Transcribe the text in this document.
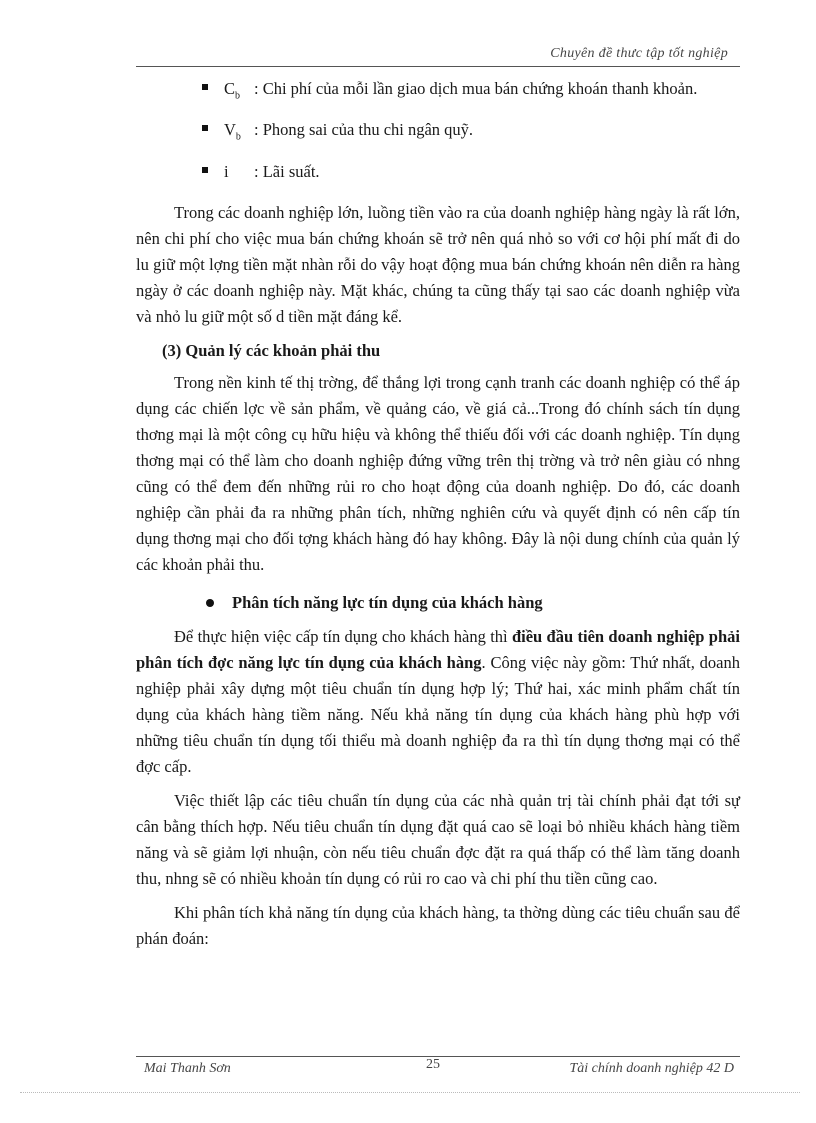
Chuyên đề thưc tập tốt nghiệp
$C_b$ : Chi phí của mỗi lần giao dịch mua bán chứng khoán thanh khoản.
$V_b$ : Phong sai của thu chi ngân quỹ.
i : Lãi suất.

Trong các doanh nghiệp lớn, luồng tiền vào ra của doanh nghiệp hàng ngày là rất lớn, nên chi phí cho việc mua bán chứng khoán sẽ trở nên quá nhỏ so với cơ hội phí mất đi do lu giữ một lợng tiền mặt nhàn rỗi do vậy hoạt động mua bán chứng khoán nên diễn ra hàng ngày ở các doanh nghiệp này. Mặt khác, chúng ta cũng thấy tại sao các doanh nghiệp vừa và nhỏ lu giữ một số d tiền mặt đáng kể.

(3) Quản lý các khoản phải thu

Trong nền kinh tế thị trờng, để thắng lợi trong cạnh tranh các doanh nghiệp có thể áp dụng các chiến lợc về sản phẩm, về quảng cáo, về giá cả...Trong đó chính sách tín dụng thơng mại là một công cụ hữu hiệu và không thể thiếu đối với các doanh nghiệp. Tín dụng thơng mại có thể làm cho doanh nghiệp đứng vững trên thị trờng và trở nên giàu có nhng cũng có thể đem đến những rủi ro cho hoạt động của doanh nghiệp. Do đó, các doanh nghiệp cần phải đa ra những phân tích, những nghiên cứu và quyết định có nên cấp tín dụng thơng mại cho đối tợng khách hàng đó hay không. Đây là nội dung chính của quản lý các khoản phải thu.

Phân tích năng lực tín dụng của khách hàng

Để thực hiện việc cấp tín dụng cho khách hàng thì điều đầu tiên doanh nghiệp phải phân tích đợc năng lực tín dụng của khách hàng. Công việc này gồm: Thứ nhất, doanh nghiệp phải xây dựng một tiêu chuẩn tín dụng hợp lý; Thứ hai, xác minh phẩm chất tín dụng của khách hàng tiềm năng. Nếu khả năng tín dụng của khách hàng phù hợp với những tiêu chuẩn tín dụng tối thiểu mà doanh nghiệp đa ra thì tín dụng thơng mại có thể đợc cấp.

Việc thiết lập các tiêu chuẩn tín dụng của các nhà quản trị tài chính phải đạt tới sự cân bằng thích hợp. Nếu tiêu chuẩn tín dụng đặt quá cao sẽ loại bỏ nhiều khách hàng tiềm năng và sẽ giảm lợi nhuận, còn nếu tiêu chuẩn đợc đặt ra quá thấp có thể làm tăng doanh thu, nhng sẽ có nhiều khoản tín dụng có rủi ro cao và chi phí thu tiền cũng cao.

Khi phân tích khả năng tín dụng của khách hàng, ta thờng dùng các tiêu chuẩn sau để phán đoán:

Mai Thanh Sơn	25	Tài chính doanh nghiệp 42 D
